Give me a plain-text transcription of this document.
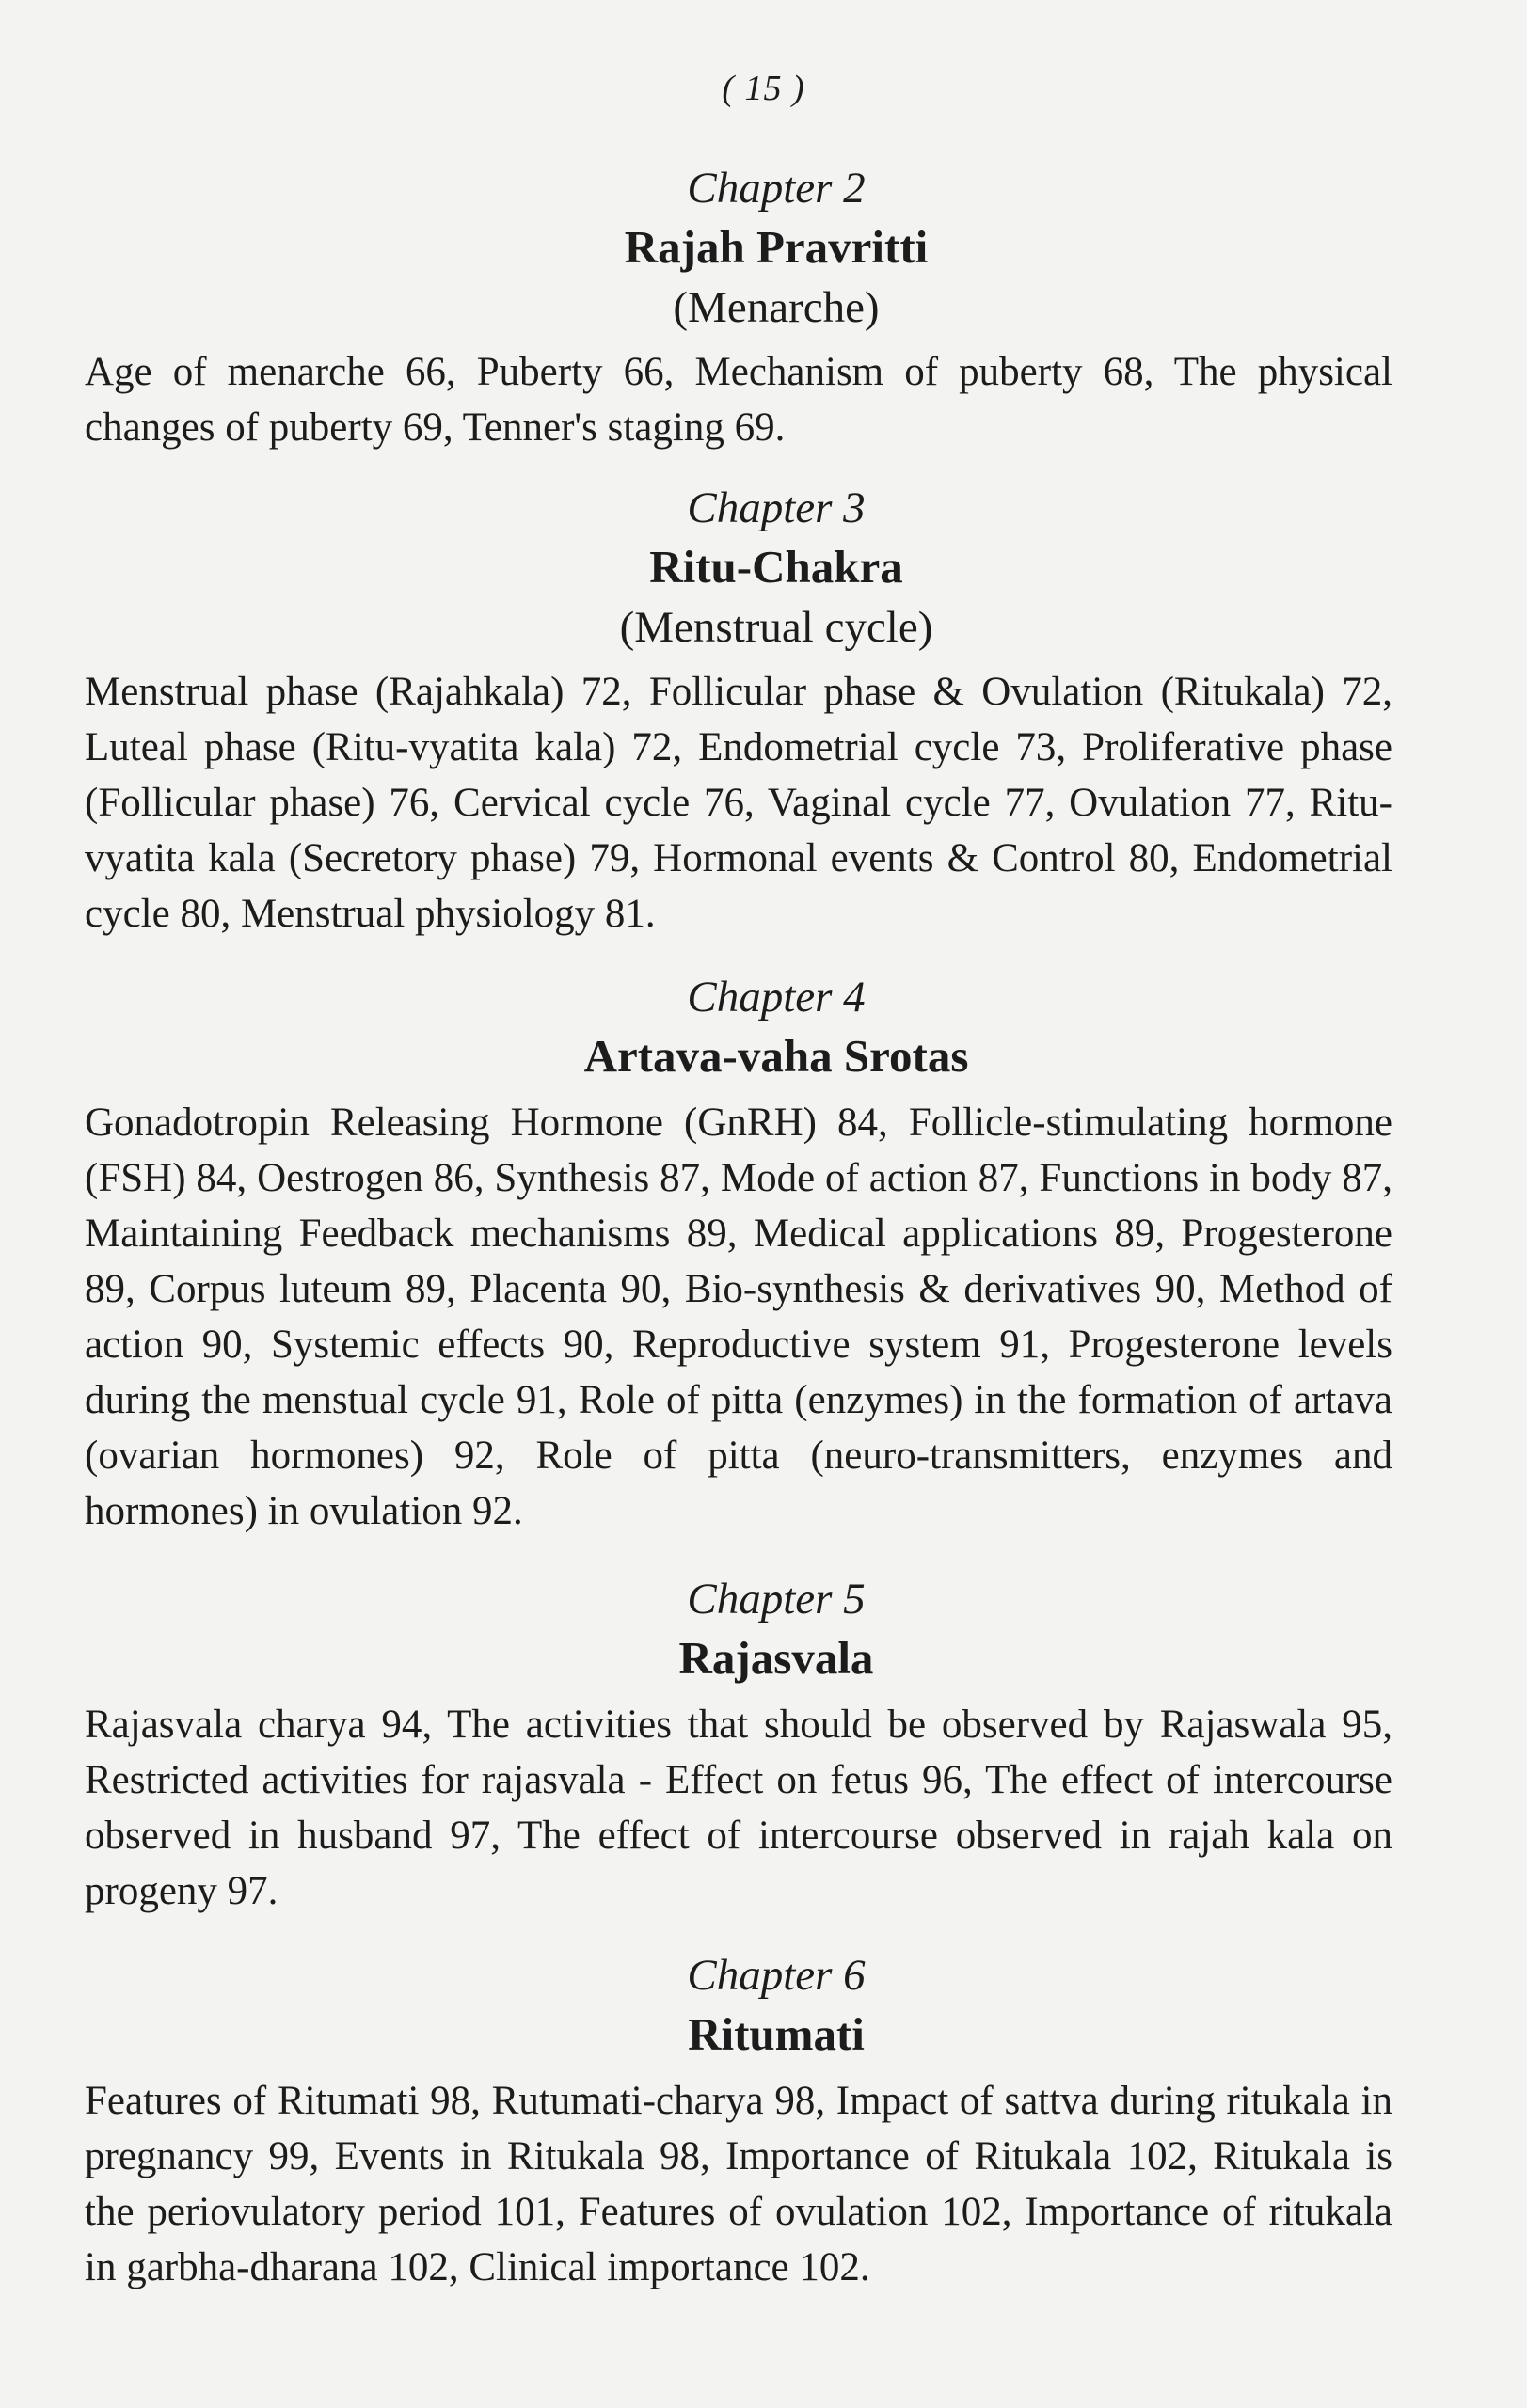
( 15 )
Chapter 2
Rajah Pravritti
(Menarche)
Age of menarche 66, Puberty 66, Mechanism of puberty 68, The physical changes of puberty 69, Tenner's staging 69.
Chapter 3
Ritu-Chakra
(Menstrual cycle)
Menstrual phase (Rajahkala) 72, Follicular phase & Ovulation (Ritukala) 72, Luteal phase (Ritu-vyatita kala) 72, Endometrial cycle 73, Proliferative phase (Follicular phase) 76, Cervical cycle 76, Vaginal cycle 77, Ovulation 77, Ritu-vyatita kala (Secretory phase) 79, Hormonal events & Control 80, Endometrial cycle 80, Menstrual physiology 81.
Chapter 4
Artava-vaha Srotas
Gonadotropin Releasing Hormone (GnRH) 84, Follicle-stimulating hormone (FSH) 84, Oestrogen 86, Synthesis 87, Mode of action 87, Functions in body 87, Maintaining Feedback mechanisms 89, Medical applications 89, Progesterone 89, Corpus luteum 89, Placenta 90, Bio-synthesis & derivatives 90, Method of action 90, Systemic effects 90, Reproductive system 91, Progesterone levels during the menstual cycle 91, Role of pitta (enzymes) in the formation of artava (ovarian hormones) 92, Role of pitta (neuro-transmitters, enzymes and hormones) in ovulation 92.
Chapter 5
Rajasvala
Rajasvala charya 94, The activities that should be observed by Rajaswala 95, Restricted activities for rajasvala - Effect on fetus 96, The effect of intercourse observed in husband 97, The effect of intercourse observed in rajah kala on progeny 97.
Chapter 6
Ritumati
Features of Ritumati 98, Rutumati-charya 98, Impact of sattva during ritukala in pregnancy 99, Events in Ritukala 98, Importance of Ritukala 102, Ritukala is the periovulatory period 101, Features of ovulation 102, Importance of ritukala in garbha-dharana 102, Clinical importance 102.
